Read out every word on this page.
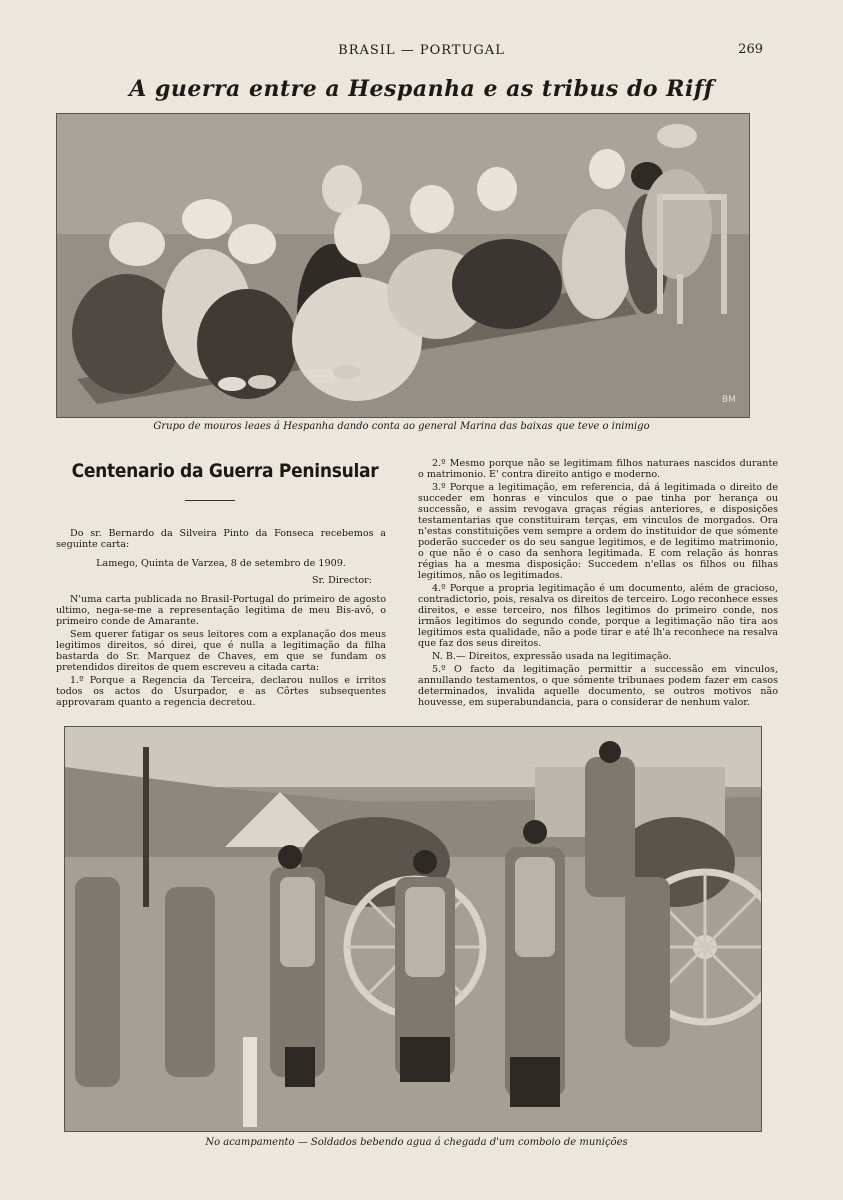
BRASIL — PORTUGAL	269
A guerra entre a Hespanha e as tribus do Riff
BM
Grupo de mouros leaes á Hespanha dando conta ao general Marina das baixas que teve o inimigo
Centenario da Guerra Peninsular

Do sr. Bernardo da Silveira Pinto da Fonseca recebemos a seguinte carta:

Lamego, Quinta de Varzea, 8 de setembro de 1909.

Sr. Director:

N'uma carta publicada no Brasil-Portugal do primeiro de agosto ultimo, nega-se-me a representação legitima de meu Bis-avô, o primeiro conde de Amarante.

Sem querer fatigar os seus leitores com a explanação dos meus legitimos direitos, só direi, que é nulla a legitimação da filha bastarda do Sr. Marquez de Chaves, em que se fundam os pretendidos direitos de quem escreveu a citada carta:

1.º Porque a Regencia da Terceira, declarou nullos e irritos todos os actos do Usurpador, e as Côrtes subsequentes approvaram quanto a regencia decretou.

2.º Mesmo porque não se legitimam filhos naturaes nascidos durante o matrimonio. E' contra direito antigo e moderno.

3.º Porque a legitimação, em referencia, dá á legitimada o direito de succeder em honras e vinculos que o pae tinha por herança ou successão, e assim revogava graças régias anteriores, e disposições testamentarias que constituiram terças, em vinculos de morgados. Ora n'estas constituições vem sempre a ordem do instituidor de que sómente poderão succeder os do seu sangue legitimos, e de legitimo matrimonio, o que não é o caso da senhora legitimada. E com relação ás honras régias ha a mesma disposição: Succedem n'ellas os filhos ou filhas legitimos, não os legitimados.

4.º Porque a propria legitimação é um documento, além de gracioso, contradictorio, pois, resalva os direitos de terceiro. Logo reconhece esses direitos, e esse terceiro, nos filhos legitimos do primeiro conde, nos irmãos legitimos do segundo conde, porque a legitimação não tira aos legitimos esta qualidade, não a pode tirar e até lh'a reconhece na resalva que faz dos seus direitos.

N. B.— Direitos, expressão usada na legitimação.

5.º O facto da legitimação permittir a successão em vinculos, annullando testamentos, o que sómente tribunaes podem fazer em casos determinados, invalida aquelle documento, se outros motivos não houvesse, em superabundancia, para o considerar de nenhum valor.

No acampamento — Soldados bebendo agua á chegada d'um comboio de munições
